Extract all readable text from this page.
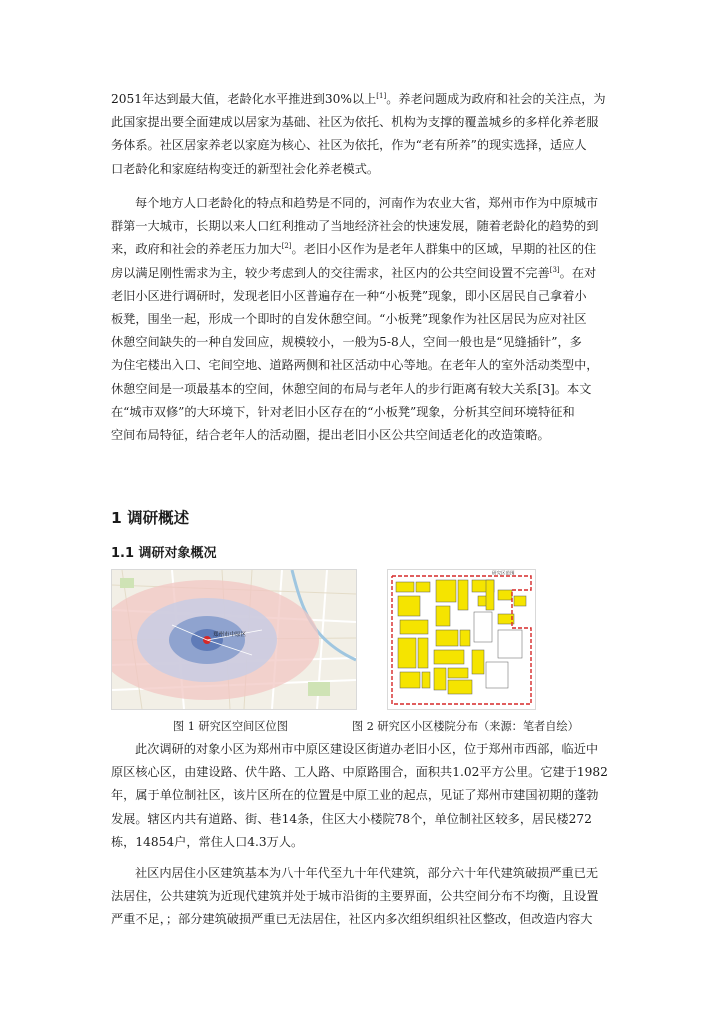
2051年达到最大值，老龄化水平推进到30%以上[1]。养老问题成为政府和社会的关注点，为
此国家提出要全面建成以居家为基础、社区为依托、机构为支撑的覆盖城乡的多样化养老服
务体系。社区居家养老以家庭为核心、社区为依托，作为“老有所养”的现实选择，适应人
口老龄化和家庭结构变迁的新型社会化养老模式。

每个地方人口老龄化的特点和趋势是不同的，河南作为农业大省，郑州市作为中原城市
群第一大城市，长期以来人口红利推动了当地经济社会的快速发展，随着老龄化的趋势的到
来，政府和社会的养老压力加大[2]。老旧小区作为是老年人群集中的区域，早期的社区的住
房以满足刚性需求为主，较少考虑到人的交往需求，社区内的公共空间设置不完善[3]。在对
老旧小区进行调研时，发现老旧小区普遍存在一种“小板凳”现象，即小区居民自己拿着小
板凳，围坐一起，形成一个即时的自发休憩空间。“小板凳”现象作为社区居民为应对社区
休憩空间缺失的一种自发回应，规模较小，一般为5-8人，空间一般也是“见缝插针”，多
为住宅楼出入口、宅间空地、道路两侧和社区活动中心等地。在老年人的室外活动类型中，
休憩空间是一项最基本的空间，休憩空间的布局与老年人的步行距离有较大关系[3]。本文
在“城市双修”的大环境下，针对老旧小区存在的“小板凳”现象，分析其空间环境特征和
空间布局特征，结合老年人的活动圈，提出老旧小区公共空间适老化的改造策略。

1 调研概述
1.1 调研对象概况
郑州市中原区
研究区范围
图 1 研究区空间区位图	图 2 研究区小区楼院分布（来源：笔者自绘）

此次调研的对象小区为郑州市中原区建设区街道办老旧小区，位于郑州市西部，临近中
原区核心区，由建设路、伏牛路、工人路、中原路围合，面积共1.02平方公里。它建于1982
年，属于单位制社区，该片区所在的位置是中原工业的起点，见证了郑州市建国初期的蓬勃
发展。辖区内共有道路、街、巷14条，住区大小楼院78个，单位制社区较多，居民楼272
栋，14854户，常住人口4.3万人。

社区内居住小区建筑基本为八十年代至九十年代建筑，部分六十年代建筑破损严重已无
法居住，公共建筑为近现代建筑并处于城市沿街的主要界面，公共空间分布不均衡，且设置
严重不足，；部分建筑破损严重已无法居住，社区内多次组织组织社区整改，但改造内容大
